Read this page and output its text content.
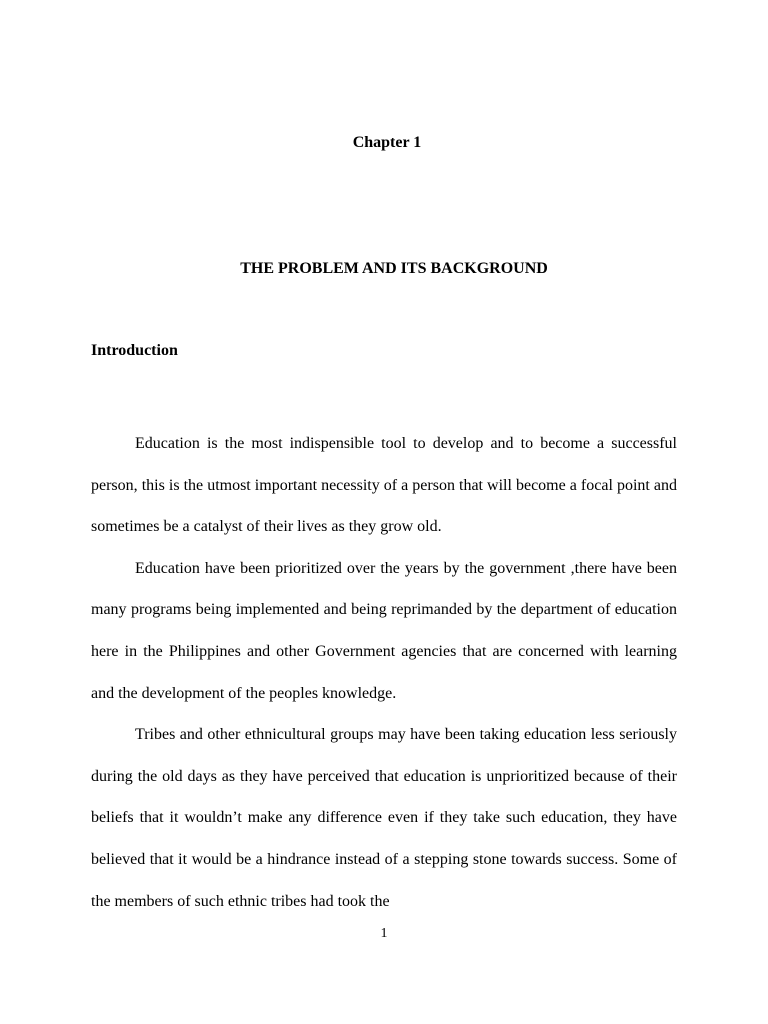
Chapter 1
THE PROBLEM AND ITS BACKGROUND
Introduction

Education is the most indispensible tool to develop and to become a successful person, this is the utmost important necessity of a person that will become a focal point and sometimes be a catalyst of their lives as they grow old.

Education have been prioritized over the years by the government ,there have been many programs being implemented and being reprimanded by the department of education here in the Philippines and other Government agencies that are concerned with learning and the development of the peoples knowledge.

Tribes and other ethnicultural groups may have been taking education less seriously during the old days as they have perceived that education is unprioritized because of their beliefs that it wouldn’t make any difference even if they take such education, they have believed that it would be a hindrance instead of a stepping stone towards success. Some of the members of such ethnic tribes had took the

1
